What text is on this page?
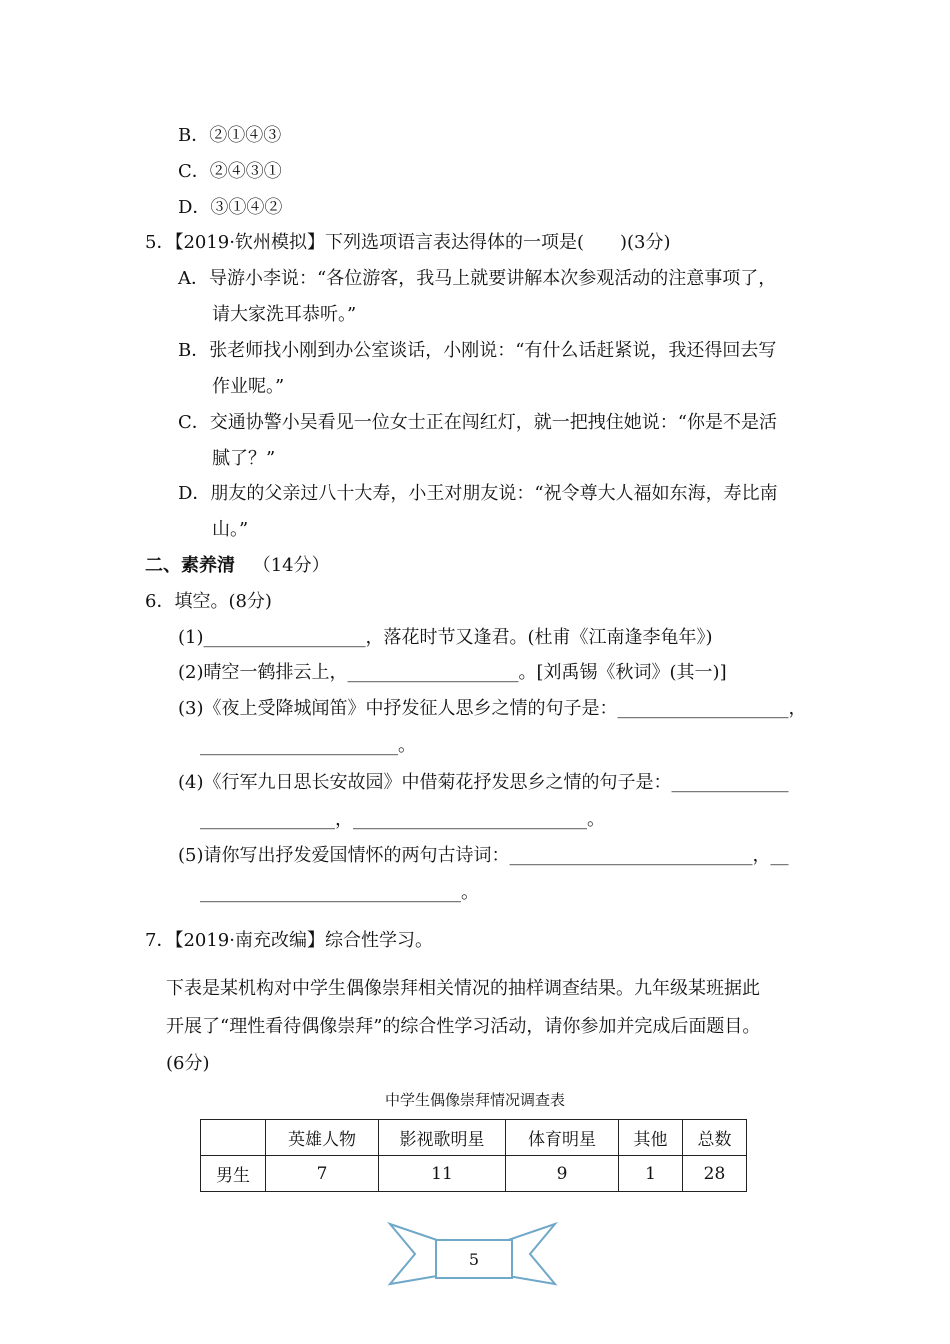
B．②①④③
C．②④③①
D．③①④②
5．【2019·钦州模拟】下列选项语言表达得体的一项是(　　)(3分)
A．导游小李说：“各位游客，我马上就要讲解本次参观活动的注意事项了，
请大家洗耳恭听。”
B．张老师找小刚到办公室谈话，小刚说：“有什么话赶紧说，我还得回去写
作业呢。”
C．交通协警小吴看见一位女士正在闯红灯，就一把拽住她说：“你是不是活
腻了？”
D．朋友的父亲过八十大寿，小王对朋友说：“祝令尊大人福如东海，寿比南
山。”
二、素养清 （14分）
6．填空。(8分)
(1)__________________，落花时节又逢君。(杜甫《江南逢李龟年》)
(2)晴空一鹤排云上，___________________。[刘禹锡《秋词》(其一)]
(3)《夜上受降城闻笛》中抒发征人思乡之情的句子是：___________________，
______________________。
(4)《行军九日思长安故园》中借菊花抒发思乡之情的句子是：_____________
_______________，__________________________。
(5)请你写出抒发爱国情怀的两句古诗词：___________________________，__
_____________________________。
7．【2019·南充改编】综合性学习。
下表是某机构对中学生偶像崇拜相关情况的抽样调查结果。九年级某班据此
开展了“理性看待偶像崇拜”的综合性学习活动，请你参加并完成后面题目。
(6分)
中学生偶像崇拜情况调查表
	英雄人物	影视歌明星	体育明星	其他	总数
男生	7	11	9	1	28
5
